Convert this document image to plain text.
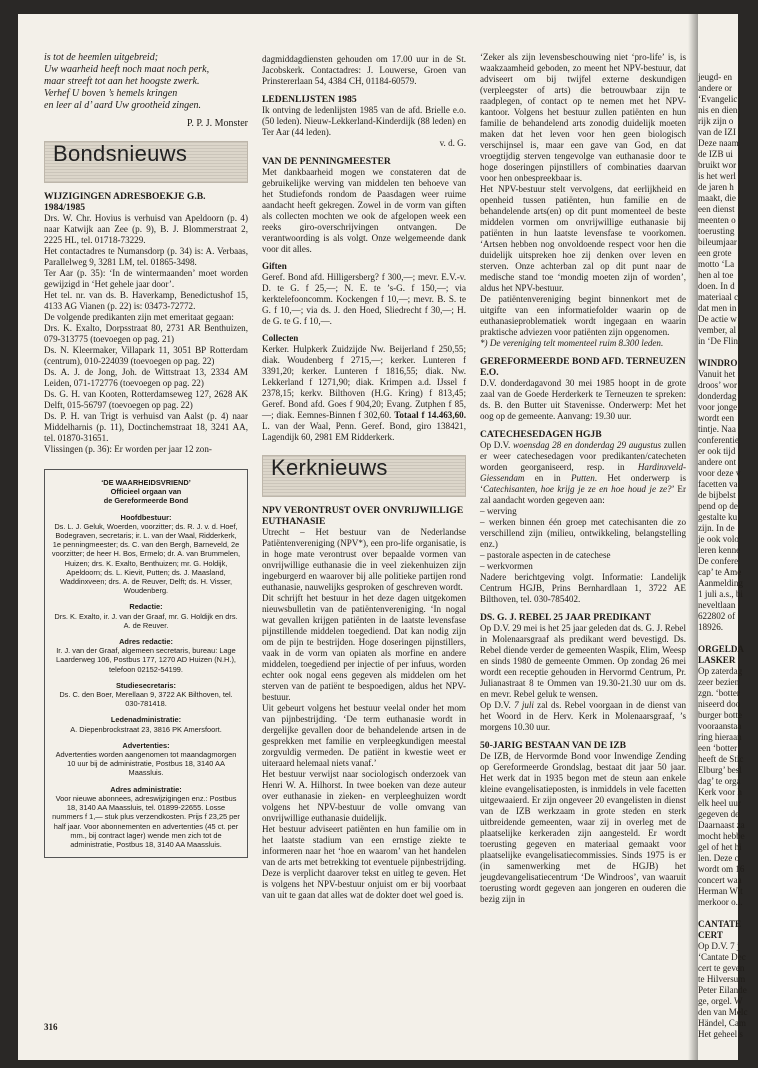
is tot de heemlen uitgebreid;

Uw waarheid heeft noch maat noch perk,

maar streeft tot aan het hoogste zwerk.

Verhef U boven ’s hemels kringen

en leer al d’ aard Uw grootheid zingen.

P. P. J. Monster

Bondsnieuws

WIJZIGINGEN ADRESBOEKJE G.B. 1984/1985

Drs. W. Chr. Hovius is verhuisd van Apeldoorn (p. 4) naar Katwijk aan Zee (p. 9), B. J. Blommerstraat 2, 2225 HL, tel. 01718-73229.

Het contactadres te Numansdorp (p. 34) is: A. Verbaas, Parallelweg 9, 3281 LM, tel. 01865-3498.

Ter Aar (p. 35): ‘In de wintermaanden’ moet worden gewijzigd in ‘Het gehele jaar door’.

Het tel. nr. van ds. B. Haverkamp, Benedictushof 15, 4133 AG Vianen (p. 22) is: 03473-72772.

De volgende predikanten zijn met emeritaat gegaan:

Drs. K. Exalto, Dorpsstraat 80, 2731 AR Benthuizen, 079-313775 (toevoegen op pag. 21)

Ds. N. Kleermaker, Villapark 11, 3051 BP Rotterdam (centrum), 010-224039 (toevoegen op pag. 22)

Ds. A. J. de Jong, Joh. de Wittstraat 13, 2334 AM Leiden, 071-172776 (toevoegen op pag. 22)

Ds. G. H. van Kooten, Rotterdamseweg 127, 2628 AK Delft, 015-56797 (toevoegen op pag. 22)

Ds. P. H. van Trigt is verhuisd van Aalst (p. 4) naar Middelharnis (p. 11), Doctinchemstraat 18, 3241 AA, tel. 01870-31651.

Vlissingen (p. 36): Er worden per jaar 12 zon-

‘DE WAARHEIDSVRIEND’

Officieel orgaan van

de Gereformeerde Bond

Hoofdbestuur:

Ds. L. J. Geluk, Woerden, voorzitter; ds. R. J. v. d. Hoef, Bodegraven, secretaris; ir. L. van der Waal, Ridderkerk, 1e penningmeester; ds. C. van den Bergh, Barneveld, 2e voorzitter; de heer H. Bos, Ermelo; dr. A. van Brummelen, Huizen; drs. K. Exalto, Benthuizen; mr. G. Holdijk, Apeldoorn; ds. L. Kievit, Putten; ds. J. Maasland, Waddinxveen; drs. A. de Reuver, Delft; ds. H. Visser, Woudenberg.

Redactie:

Drs. K. Exalto, ir. J. van der Graaf, mr. G. Holdijk en drs. A. de Reuver.

Adres redactie:

Ir. J. van der Graaf, algemeen secretaris, bureau: Lage Laarderweg 106, Postbus 177, 1270 AD Huizen (N.H.), telefoon 02152-54199.

Studiesecretaris:

Ds. C. den Boer, Merellaan 9, 3722 AK Bilthoven, tel. 030-781418.

Ledenadministratie:

A. Diepenbrockstraat 23, 3816 PK Amersfoort.

Advertenties:

Advertenties worden aangenomen tot maandagmorgen 10 uur bij de administratie, Postbus 18, 3140 AA Maassluis.

Adres administratie:

Voor nieuwe abonnees, adreswijzigingen enz.: Postbus 18, 3140 AA Maassluis, tel. 01899-22655. Losse nummers f 1,— stuk plus verzendkosten. Prijs f 23,25 per half jaar. Voor abonnementen en advertenties (45 ct. per mm., bij contract lager) wende men zich tot de administratie, Postbus 18, 3140 AA Maassluis.

dagmiddagdiensten gehouden om 17.00 uur in de St. Jacobskerk. Contactadres: J. Louwerse, Groen van Prinstererlaan 54, 4384 CH, 01184-60579.

LEDENLIJSTEN 1985

Ik ontving de ledenlijsten 1985 van de afd. Brielle e.o. (50 leden). Nieuw-Lekkerland-Kinderdijk (88 leden) en Ter Aar (44 leden).

v. d. G.

VAN DE PENNINGMEESTER

Met dankbaarheid mogen we constateren dat de gebruikelijke werving van middelen ten behoeve van het Studiefonds rondom de Paasdagen weer ruime aandacht heeft gekregen. Zowel in de vorm van giften als collecten mochten we ook de afgelopen week een reeks giro-overschrijvingen ontvangen. De verantwoording is als volgt. Onze welgemeende dank voor dit alles.

Giften

Geref. Bond afd. Hilligersberg? f 300,—; mevr. E.V.-v. D. te G. f 25,—; N. E. te ’s-G. f 150,—; via kerktelefooncomm. Kockengen f 10,—; mevr. B. S. te G. f 10,—; via ds. J. den Hoed, Sliedrecht f 30,—; H. de G. te G. f 10,—.

Collecten

Kerker. Hulpkerk Zuidzijde Nw. Beijerland f 250,55; diak. Woudenberg f 2715,—; kerker. Lunteren f 3391,20; kerker. Lunteren f 1816,55; diak. Nw. Lekkerland f 1271,90; diak. Krimpen a.d. IJssel f 2378,15; kerkv. Bilthoven (H.G. Kring) f 813,45; Geref. Bond afd. Goes f 904,20; Evang. Zutphen f 85,—; diak. Eemnes-Binnen f 302,60. Totaal f 14.463,60. L. van der Waal, Penn. Geref. Bond, giro 138421, Lagendijk 60, 2981 EM Ridderkerk.

Kerknieuws

NPV VERONTRUST OVER ONVRIJWILLIGE EUTHANASIE

Utrecht – Het bestuur van de Nederlandse Patiëntenvereniging (NPV*), een pro-life organisatie, is in hoge mate verontrust over bepaalde vormen van onvrijwillige euthanasie die in veel ziekenhuizen zijn ingeburgerd en waarover bij alle politieke partijen rond euthanasie, nauwelijks gesproken of geschreven wordt.

Dit schrijft het bestuur in het deze dagen uitgekomen nieuwsbulletin van de patiëntenvereniging. ‘In nogal wat gevallen krijgen patiënten in de laatste levensfase pijnstillende middelen toegediend. Dat kan nodig zijn om de pijn te bestrijden. Hoge doseringen pijnstillers, vaak in de vorm van opiaten als morfine en andere middelen, toegediend per injectie of per infuus, worden echter ook nogal eens gegeven als middelen om het sterven van de patiënt te bespoedigen, aldus het NPV-bestuur.

Uit gebeurt volgens het bestuur veelal onder het mom van pijnbestrijding. ‘De term euthanasie wordt in dergelijke gevallen door de behandelende artsen in de gesprekken met familie en verpleegkundigen meestal zorgvuldig vermeden. De patiënt in kwestie weet er uiteraard helemaal niets vanaf.’

Het bestuur verwijst naar sociologisch onderzoek van Henri W. A. Hilhorst. In twee boeken van deze auteur over euthanasie in zieken- en verpleeghuizen wordt volgens het NPV-bestuur de volle omvang van onvrijwillige euthanasie duidelijk.

Het bestuur adviseert patiënten en hun familie om in het laatste stadium van een ernstige ziekte te informeren naar het ‘hoe en waarom’ van het handelen van de arts met betrekking tot eventuele pijnbestrijding. Deze is verplicht daarover tekst en uitleg te geven. Het is volgens het NPV-bestuur onjuist om er bij voorbaat van uit te gaan dat alles wat de dokter doet wel goed is.

‘Zeker als zijn levensbeschouwing niet ‘pro-life’ is, is waakzaamheid geboden, zo meent het NPV-bestuur, dat adviseert om bij twijfel externe deskundigen (verpleegster of arts) die betrouwbaar zijn te raadplegen, of contact op te nemen met het NPV-kantoor. Volgens het bestuur zullen patiënten en hun familie de behandelend arts zonodig duidelijk moeten maken dat het leven voor hen geen biologisch verschijnsel is, maar een gave van God, en dat vroegtijdig sterven tengevolge van euthanasie door te hoge doseringen pijnstillers of combinaties daarvan voor hen onbespreekbaar is.

Het NPV-bestuur stelt vervolgens, dat eerlijkheid en openheid tussen patiënten, hun familie en de behandelende arts(en) op dit punt momenteel de beste middelen vormen om onvrijwillige euthanasie bij patiënten in hun laatste levensfase te voorkomen. ‘Artsen hebben nog onvoldoende respect voor hen die duidelijk uitspreken hoe zij denken over leven en sterven. Onze achterban zal op dit punt naar de medische stand toe ‘mondig moeten zijn of worden’, aldus het NPV-bestuur.

De patiëntenvereniging begint binnenkort met de uitgifte van een informatiefolder waarin op de euthanasieproblematiek wordt ingegaan en waarin praktische adviezen voor patiënten zijn opgenomen.

*) De vereniging telt momenteel ruim 8.300 leden.

GEREFORMEERDE BOND AFD. TERNEUZEN E.O.

D.V. donderdagavond 30 mei 1985 hoopt in de grote zaal van de Goede Herderkerk te Terneuzen te spreken: ds. B. den Butter uit Stavenisse. Onderwerp: Met het oog op de gemeente. Aanvang: 19.30 uur.

CATECHESEDAGEN HGJB

Op D.V. woensdag 28 en donderdag 29 augustus zullen er weer catechesedagen voor predikanten/catecheten worden georganiseerd, resp. in Hardinxveld-Giessendam en in Putten. Het onderwerp is ‘Catechisanten, hoe krijg je ze en hoe houd je ze?’ Er zal aandacht worden gegeven aan:

– werving

– werken binnen één groep met catechisanten die zo verschillend zijn (milieu, ontwikkeling, belangstelling enz.)

– pastorale aspecten in de catechese

– werkvormen

Nadere berichtgeving volgt. Informatie: Landelijk Centrum HGJB, Prins Bernhardlaan 1, 3722 AE Bilthoven, tel. 030-785402.

DS. G. J. REBEL 25 JAAR PREDIKANT

Op D.V. 29 mei is het 25 jaar geleden dat ds. G. J. Rebel in Molenaarsgraaf als predikant werd bevestigd. Ds. Rebel diende verder de gemeenten Waspik, Elim, Weesp en sinds 1980 de gemeente Ommen. Op zondag 26 mei wordt een receptie gehouden in Hervormd Centrum, Pr. Julianastraat 8 te Ommen van 19.30-21.30 uur om ds. en mevr. Rebel geluk te wensen.

Op D.V. 7 juli zal ds. Rebel voorgaan in de dienst van het Woord in de Herv. Kerk in Molenaarsgraaf, ’s morgens 10.30 uur.

50-JARIG BESTAAN VAN DE IZB

De IZB, de Hervormde Bond voor Inwendige Zending op Gereformeerde Grondslag, bestaat dit jaar 50 jaar. Het werk dat in 1935 begon met de steun aan enkele kleine evangelisatieposten, is inmiddels in vele facetten uitgewaaierd. Er zijn ongeveer 20 evangelisten in dienst van de IZB werkzaam in grote steden en sterk uitbreidende gemeenten, waar zij in overleg met de plaatselijke kerkeraden zijn aangesteld. Er wordt toerusting gegeven en materiaal gemaakt voor plaatselijke evangelisatiecommissies. Sinds 1975 is er (in samenwerking met de HGJB) het jeugdevangelisatiecentrum ‘De Windroos’, van waaruit toerusting wordt gegeven aan jongeren en ouderen die bezig zijn in

jeugd- en

andere or

‘Evangelic

nis en dien

rijk zijn o

van de IZI

Deze naam

de IZB ui

bruikt wor

is het werl

de jaren h

maakt, die

een dienst

meenten o

toerusting

bileumjaar

een grote

motto ‘La

hen al toe

doen. In d

materiaal c

dat men in

De actie w

vember, al

in ‘De Flin

WINDRO

Vanuit het

droos’ wor

donderdag

voor jonge

wordt een

tintje. Naa

conferentie

er ook tijd

andere ont

voor deze v

facetten va

de bijbelst

pend op de

gestalte ku

zijn. In de

je ook volo

leren kenne

De confere

cap’ te Ame

Aanmelding

1 juli a.s., bi

neveltlaan

622802 of

18926.

ORGELDA

LASKER

Op zaterdag

zeer bezien

zgn. ‘botter

niseerd doo

burger botte

vooraanstaa

ring hieraan

een ‘botter

heeft de Stic

Elburg’ besl

dag’ te orga

Kerk voor h

elk heel uur

gegeven de

Daarnaast za

mocht hebbe

gel of het hi

len. Deze o

wordt om 16

concert waa

Herman Wit

merkoor o.l.

CANTATE

CERT

Op D.V. 7 j

‘Cantate Dec

cert te geven

te Hilversum

Peter Eilande

ge, orgel. W

den van Melc

Händel, Cam

Het geheel s

316
